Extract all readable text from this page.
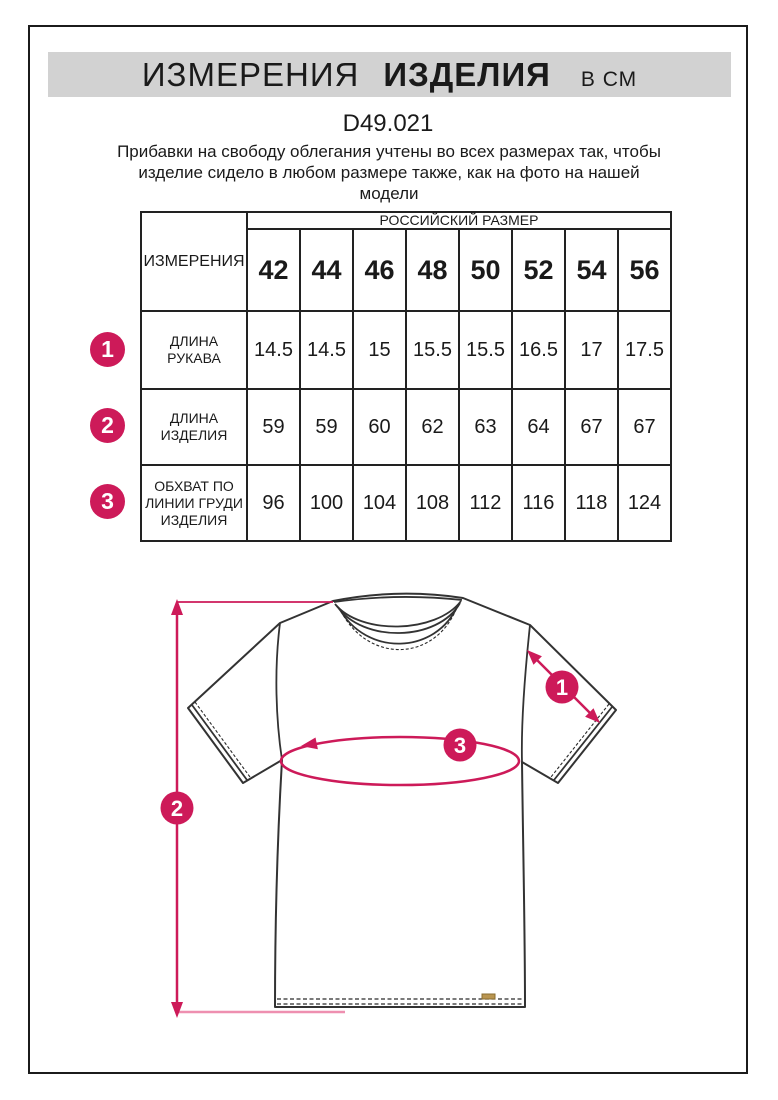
ИЗМЕРЕНИЯ ИЗДЕЛИЯ В СМ
D49.021
Прибавки на свободу облегания учтены во всех размерах так, чтобы изделие сидело в любом размере также, как на фото на нашей модели
ИЗМЕРЕНИЯ	РОССИЙСКИЙ РАЗМЕР							
	42	44	46	48	50	52	54	56
ДЛИНА РУКАВА	14.5	14.5	15	15.5	15.5	16.5	17	17.5
ДЛИНА ИЗДЕЛИЯ	59	59	60	62	63	64	67	67
ОБХВАТ ПО ЛИНИИ ГРУДИ ИЗДЕЛИЯ	96	100	104	108	112	116	118	124
1
2
3
1
2
3
